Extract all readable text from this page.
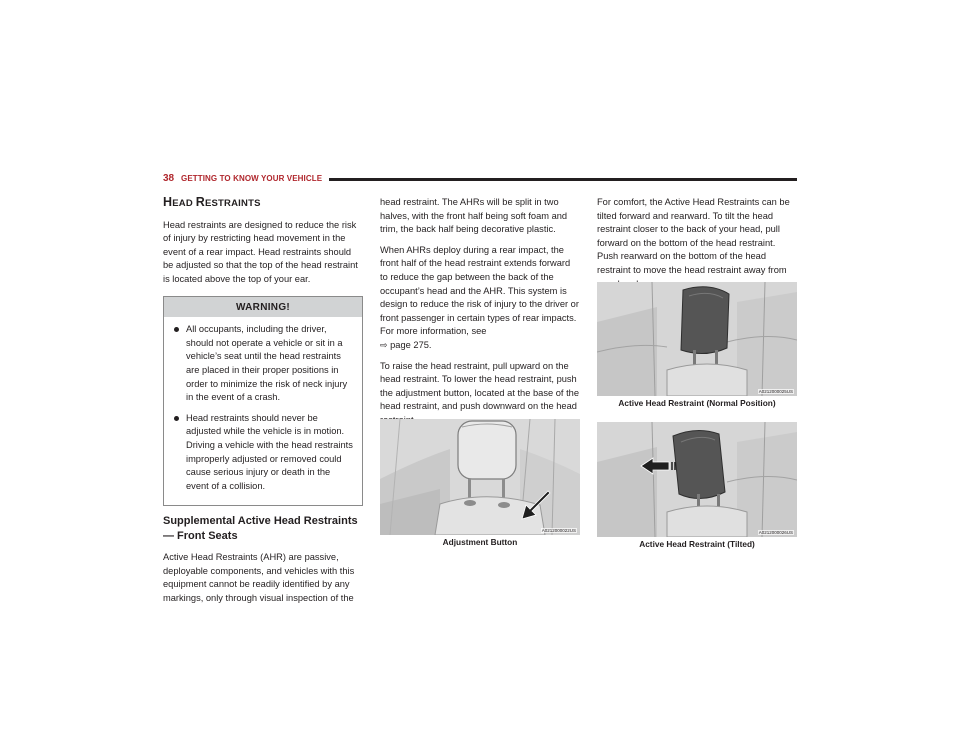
38 GETTING TO KNOW YOUR VEHICLE
HEAD RESTRAINTS

Head restraints are designed to reduce the risk of injury by restricting head movement in the event of a rear impact. Head restraints should be adjusted so that the top of the head restraint is located above the top of your ear.

WARNING!
All occupants, including the driver, should not operate a vehicle or sit in a vehicle’s seat until the head restraints are placed in their proper positions in order to minimize the risk of neck injury in the event of a crash.
Head restraints should never be adjusted while the vehicle is in motion. Driving a vehicle with the head restraints improperly adjusted or removed could cause serious injury or death in the event of a collision.
Supplemental Active Head Restraints — Front Seats

Active Head Restraints (AHR) are passive, deployable components, and vehicles with this equipment cannot be readily identified by any markings, only through visual inspection of the

head restraint. The AHRs will be split in two halves, with the front half being soft foam and trim, the back half being decorative plastic.

When AHRs deploy during a rear impact, the front half of the head restraint extends forward to reduce the gap between the back of the occupant’s head and the AHR. This system is design to reduce the risk of injury to the driver or front passenger in certain types of rear impacts. For more information, see
⇨ page 275.

To raise the head restraint, pull upward on the head restraint. To lower the head restraint, push the adjustment button, located at the base of the head restraint, and push downward on the head

A0212000022US
Adjustment Button

For comfort, the Active Head Restraints can be tilted forward and rearward. To tilt the head restraint closer to the back of your head, pull forward on the bottom of the head restraint. Push rearward on the bottom of the head restraint to move the head restraint away from

A0212000025US
Active Head Restraint (Normal Position)
A0212000026US
Active Head Restraint (Tilted)
